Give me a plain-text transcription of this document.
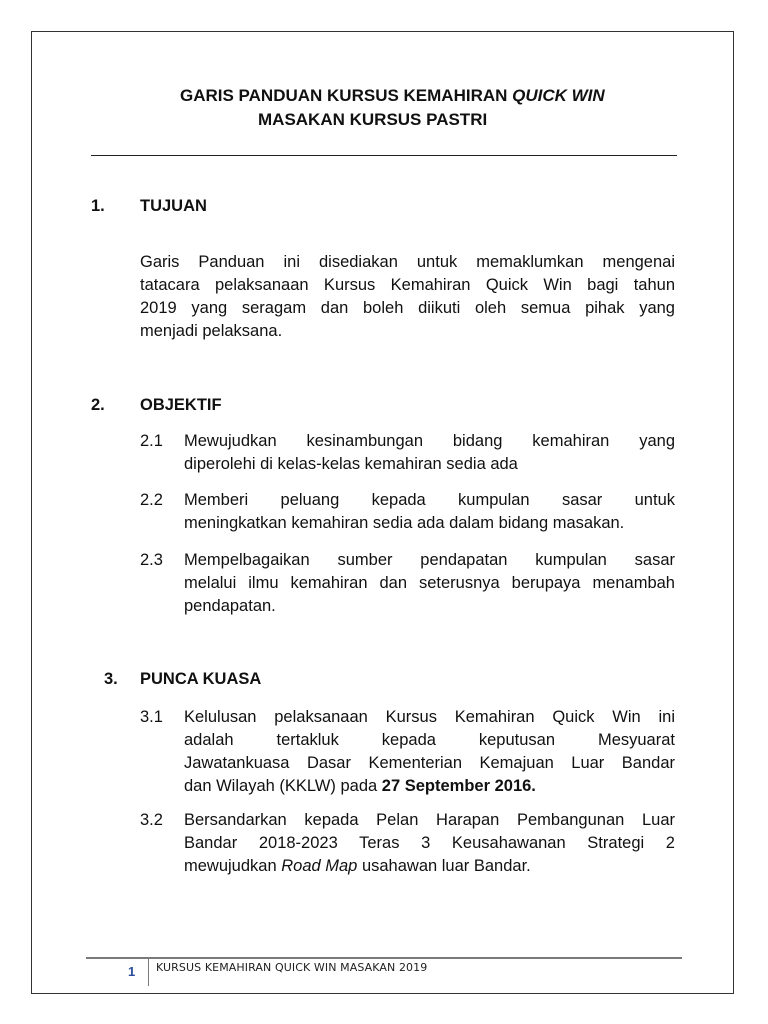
GARIS PANDUAN KURSUS KEMAHIRAN QUICK WIN
MASAKAN KURSUS PASTRI
1. TUJUAN
Garis Panduan ini disediakan untuk memaklumkan mengenai
tatacara pelaksanaan Kursus Kemahiran Quick Win bagi tahun
2019 yang seragam dan boleh diikuti oleh semua pihak yang
menjadi pelaksana.
2. OBJEKTIF
2.1 Mewujudkan kesinambungan bidang kemahiran yang
diperolehi di kelas-kelas kemahiran sedia ada
2.2 Memberi peluang kepada kumpulan sasar untuk
meningkatkan kemahiran sedia ada dalam bidang masakan.
2.3 Mempelbagaikan sumber pendapatan kumpulan sasar
melalui ilmu kemahiran dan seterusnya berupaya menambah
pendapatan.
3. PUNCA KUASA
3.1 Kelulusan pelaksanaan Kursus Kemahiran Quick Win ini
adalah tertakluk kepada keputusan Mesyuarat
Jawatankuasa Dasar Kementerian Kemajuan Luar Bandar
dan Wilayah (KKLW) pada 27 September 2016.
3.2 Bersandarkan kepada Pelan Harapan Pembangunan Luar
Bandar 2018-2023 Teras 3 Keusahawanan Strategi 2
mewujudkan Road Map usahawan luar Bandar.
1 KURSUS KEMAHIRAN QUICK WIN MASAKAN 2019
